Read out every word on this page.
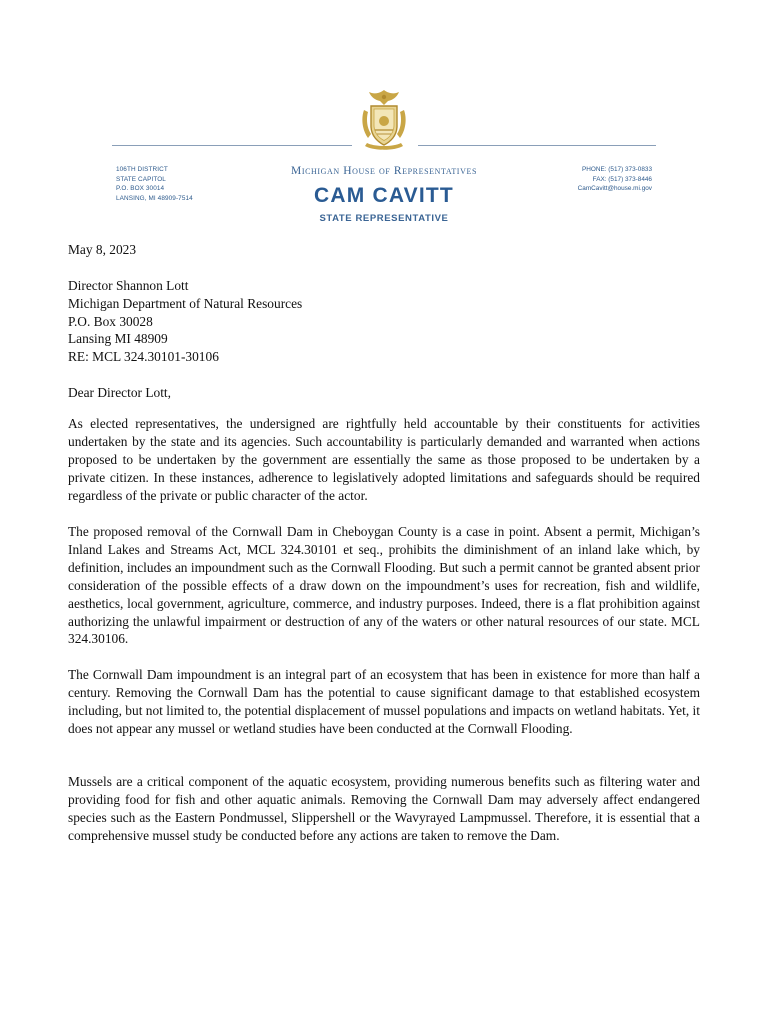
106TH DISTRICT
STATE CAPITOL
P.O. BOX 30014
LANSING, MI 48909-7514
Michigan House of Representatives
CAM CAVITT
STATE REPRESENTATIVE
PHONE: (517) 373-0833
FAX: (517) 373-8446
CamCavitt@house.mi.gov
May 8, 2023
Director Shannon Lott
Michigan Department of Natural Resources
P.O. Box 30028
Lansing MI 48909
RE: MCL 324.30101-30106
Dear Director Lott,

As elected representatives, the undersigned are rightfully held accountable by their constituents for activities undertaken by the state and its agencies. Such accountability is particularly demanded and warranted when actions proposed to be undertaken by the government are essentially the same as those proposed to be undertaken by a private citizen. In these instances, adherence to legislatively adopted limitations and safeguards should be required regardless of the private or public character of the actor.

The proposed removal of the Cornwall Dam in Cheboygan County is a case in point. Absent a permit, Michigan’s Inland Lakes and Streams Act, MCL 324.30101 et seq., prohibits the diminishment of an inland lake which, by definition, includes an impoundment such as the Cornwall Flooding. But such a permit cannot be granted absent prior consideration of the possible effects of a draw down on the impoundment’s uses for recreation, fish and wildlife, aesthetics, local government, agriculture, commerce, and industry purposes. Indeed, there is a flat prohibition against authorizing the unlawful impairment or destruction of any of the waters or other natural resources of our state. MCL 324.30106.

The Cornwall Dam impoundment is an integral part of an ecosystem that has been in existence for more than half a century. Removing the Cornwall Dam has the potential to cause significant damage to that established ecosystem including, but not limited to, the potential displacement of mussel populations and impacts on wetland habitats. Yet, it does not appear any mussel or wetland studies have been conducted at the Cornwall Flooding.

Mussels are a critical component of the aquatic ecosystem, providing numerous benefits such as filtering water and providing food for fish and other aquatic animals. Removing the Cornwall Dam may adversely affect endangered species such as the Eastern Pondmussel, Slippershell or the Wavyrayed Lampmussel. Therefore, it is essential that a comprehensive mussel study be conducted before any actions are taken to remove the Dam.
